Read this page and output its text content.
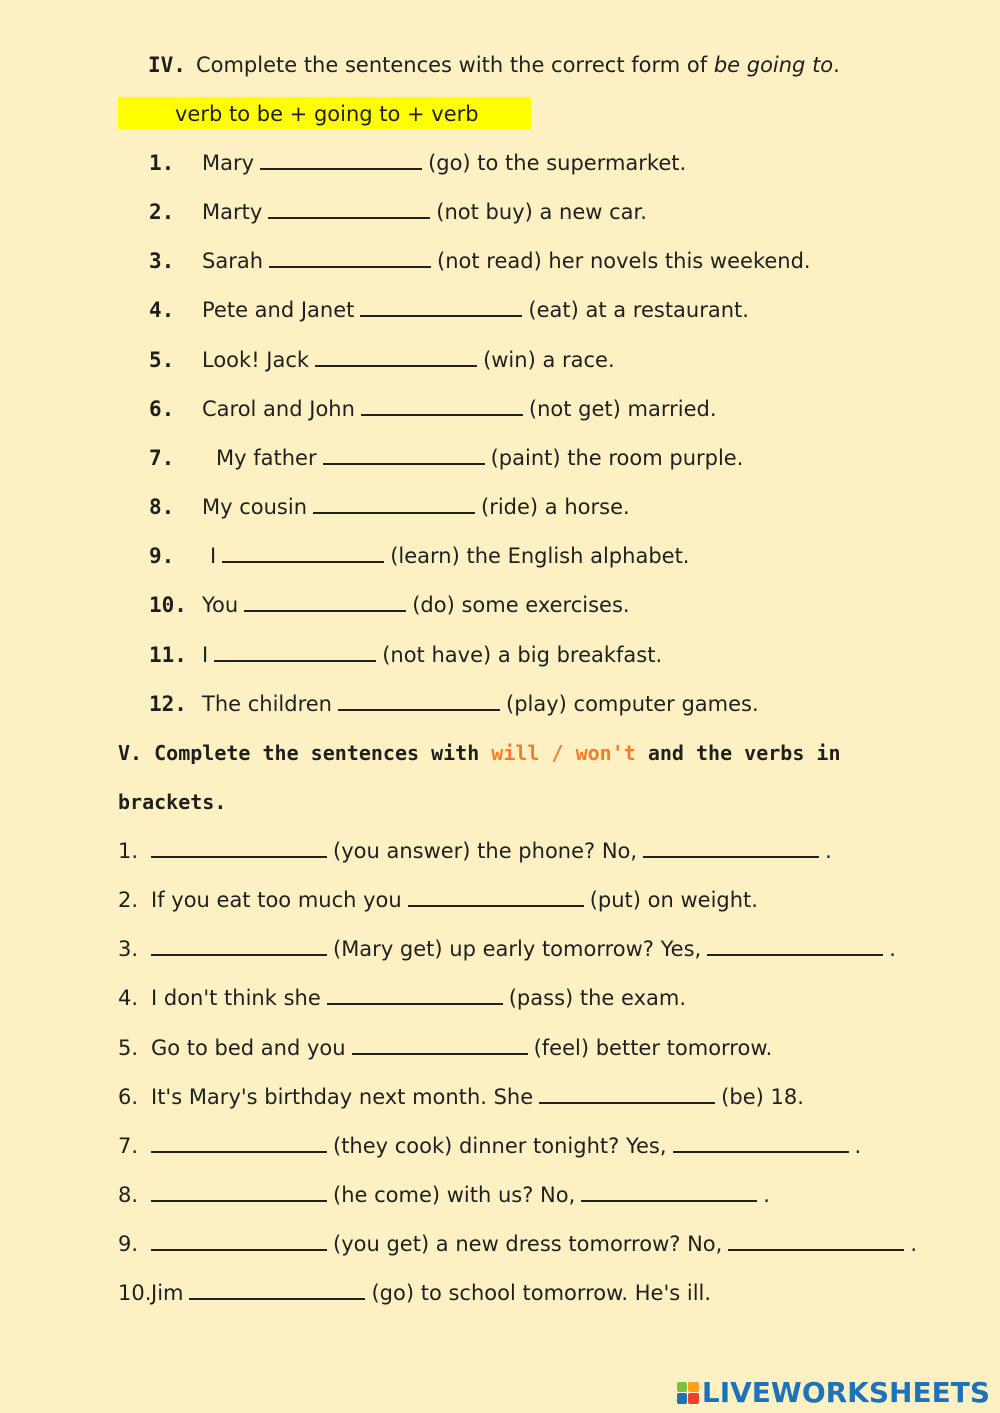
IV. Complete the sentences with the correct form of be going to.
verb to be + going to + verb
1. Mary	(go) to the supermarket.
2. Marty	(not buy) a new car.
3. Sarah	(not read) her novels this weekend.
4. Pete and Janet	(eat) at a restaurant.
5. Look! Jack	(win) a race.
6. Carol and John	(not get) married.
7. My father	(paint) the room purple.
8. My cousin	(ride) a horse.
9. I	(learn) the English alphabet.
10. You	(do) some exercises.
11. I	(not have) a big breakfast.
12. The children	(play) computer games.
V. Complete the sentences with will / won't and the verbs in
brackets.
1.	(you answer) the phone? No,	.
2. If you eat too much you	(put) on weight.
3.	(Mary get) up early tomorrow? Yes,	.
4. I don't think she	(pass) the exam.
5. Go to bed and you	(feel) better tomorrow.
6. It's Mary's birthday next month. She	(be) 18.
7.	(they cook) dinner tonight? Yes,	.
8.	(he come) with us? No,	.
9.	(you get) a new dress tomorrow? No,	.
10.Jim	(go) to school tomorrow. He's ill.
LIVEWORKSHEETS
